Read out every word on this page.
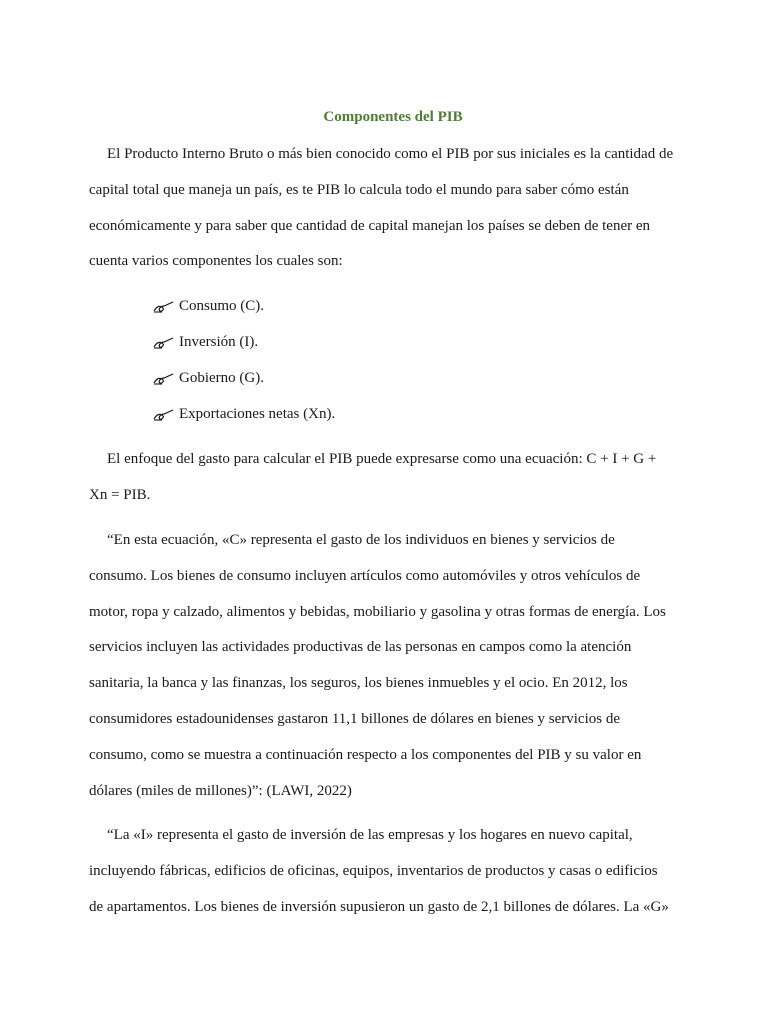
Componentes del PIB
El Producto Interno Bruto o más bien conocido como el PIB por sus iniciales es la cantidad de
capital total que maneja un país, es te PIB lo calcula todo el mundo para saber cómo están
económicamente y para saber que cantidad de capital manejan los países se deben de tener en
cuenta varios componentes los cuales son:
Consumo (C).
Inversión (I).
Gobierno (G).
Exportaciones netas (Xn).
El enfoque del gasto para calcular el PIB puede expresarse como una ecuación: C + I + G +
Xn = PIB.
“En esta ecuación, «C» representa el gasto de los individuos en bienes y servicios de
consumo. Los bienes de consumo incluyen artículos como automóviles y otros vehículos de
motor, ropa y calzado, alimentos y bebidas, mobiliario y gasolina y otras formas de energía. Los
servicios incluyen las actividades productivas de las personas en campos como la atención
sanitaria, la banca y las finanzas, los seguros, los bienes inmuebles y el ocio. En 2012, los
consumidores estadounidenses gastaron 11,1 billones de dólares en bienes y servicios de
consumo, como se muestra a continuación respecto a los componentes del PIB y su valor en
dólares (miles de millones)”: (LAWI, 2022)
“La «I» representa el gasto de inversión de las empresas y los hogares en nuevo capital,
incluyendo fábricas, edificios de oficinas, equipos, inventarios de productos y casas o edificios
de apartamentos. Los bienes de inversión supusieron un gasto de 2,1 billones de dólares. La «G»
